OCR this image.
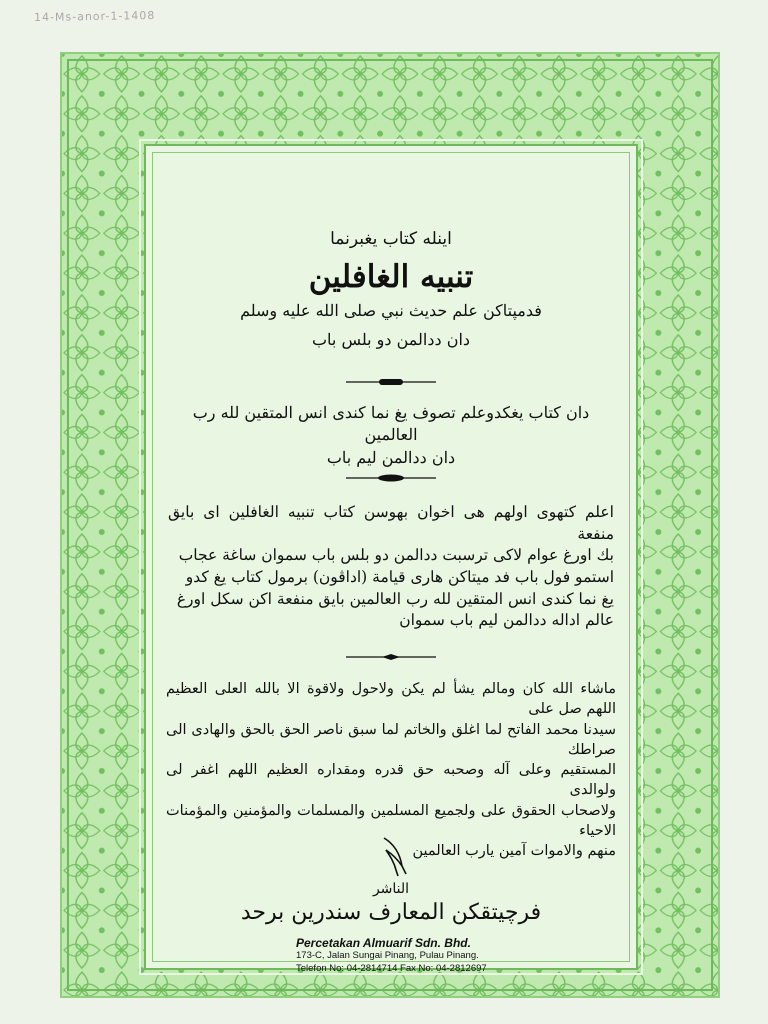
14-Ms-anor-1-1408

اينله كتاب يغبرنما

تنبيه الغافلين

فدمپتاكن علم حديث نبي صلى الله عليه وسلم

دان ددالمن دو بلس باب

دان كتاب يغكدوعلم تصوف يغ نما كندى انس المتقين لله رب العالمين

دان ددالمن ليم باب

اعلم كتهوى اولهم هى اخوان بهوسن كتاب تنبيه الغافلين اى بايق منفعة

بك اورغ عوام لاكى ترسبت ددالمن دو بلس باب سموان ساغة عجاب

استمو فول باب فد ميتاكن هارى قيامة (اداڤون) برمول كتاب يغ كدو

يغ نما كندى انس المتقين لله رب العالمين بايق منفعة اكن سكل اورغ

عالم اداله ددالمن ليم باب سموان

ماشاء الله كان ومالم يشأ لم يكن ولاحول ولاقوة الا بالله العلى العظيم اللهم صل على

سيدنا محمد الفاتح لما اغلق والخاتم لما سبق ناصر الحق بالحق والهادى الى صراطك

المستقيم وعلى آله وصحبه حق قدره ومقداره العظيم اللهم اغفر لى ولوالدى

ولاصحاب الحقوق على ولجميع المسلمين والمسلمات والمؤمنين والمؤمنات الاحياء

منهم والاموات آمين يارب العالمين

الناشر

فرچيتقكن المعارف سندرين برحد

Percetakan Almuarif Sdn. Bhd.
173-C, Jalan Sungai Pinang, Pulau Pinang.
Telefon No: 04-2814714 Fax No: 04-2812697
